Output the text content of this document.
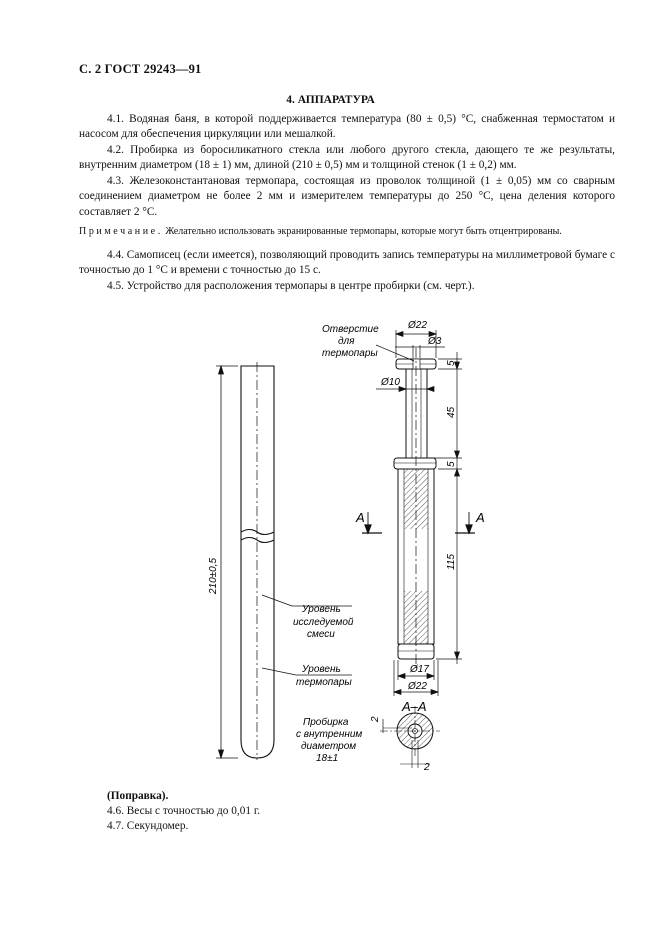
С. 2 ГОСТ 29243—91
4. АППАРАТУРА
4.1. Водяная баня, в которой поддерживается температура (80 ± 0,5) °С, снабженная термостатом и насосом для обеспечения циркуляции или мешалкой.
4.2. Пробирка из боросиликатного стекла или любого другого стекла, дающего те же результаты, внутренним диаметром (18 ± 1) мм, длиной (210 ± 0,5) мм и толщиной стенок (1 ± 0,2) мм.
4.3. Железоконстантановая термопара, состоящая из проволок толщиной (1 ± 0,05) мм со сварным соединением диаметром не более 2 мм и измерителем температуры до 250 °С, цена деления которого составляет 2 °С.
Примечание. Желательно использовать экранированные термопары, которые могут быть отцентрированы.
4.4. Самописец (если имеется), позволяющий проводить запись температуры на миллиметровой бумаге с точностью до 1 °С и времени с точностью до 15 с.
4.5. Устройство для расположения термопары в центре пробирки (см. черт.).
210±0,5
Уровень
исследуемой
смеси
Уровень
термопары
Пробирка
с внутренним
диаметром
18±1
А	А
Ø22
Ø3
Отверстие
для
термопары
Ø10
5
45
5
115
Ø17
Ø22
А–А
2
2
(Поправка).
4.6. Весы с точностью до 0,01 г.
4.7. Секундомер.
